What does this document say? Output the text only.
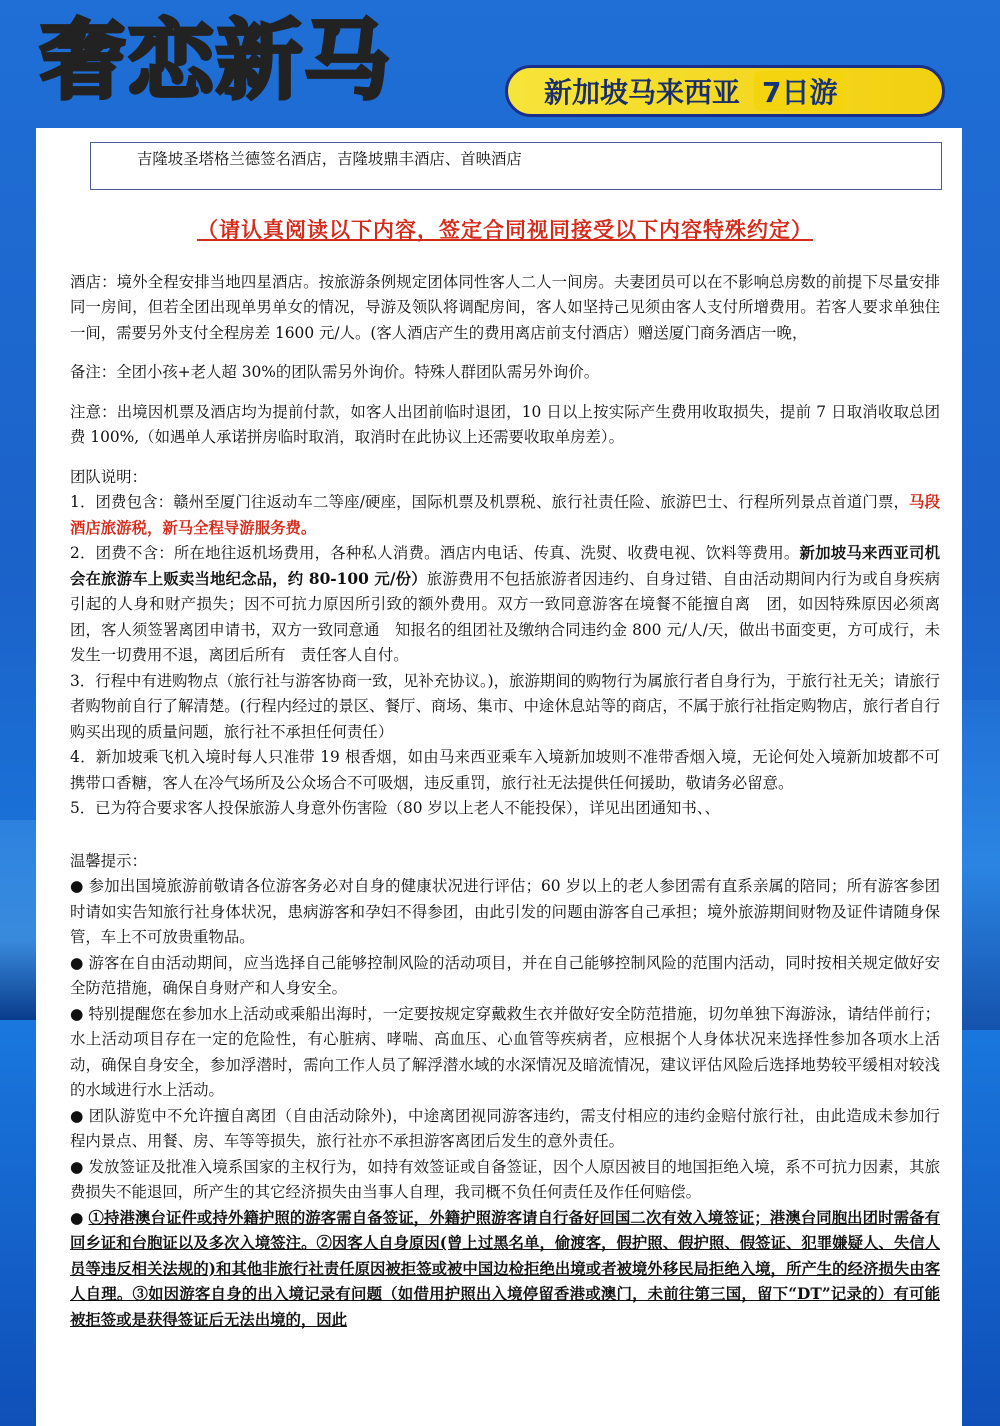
奢恋新马	新加坡马来西亚 7日游
吉隆坡圣塔格兰德签名酒店，吉隆坡鼎丰酒店、首映酒店
（请认真阅读以下内容，签定合同视同接受以下内容特殊约定）

酒店：境外全程安排当地四星酒店。按旅游条例规定团体同性客人二人一间房。夫妻团员可以在不影响总房数的前提下尽量安排同一房间，但若全团出现单男单女的情况，导游及领队将调配房间，客人如坚持己见须由客人支付所增费用。若客人要求单独住一间，需要另外支付全程房差 1600 元/人。(客人酒店产生的费用离店前支付酒店）赠送厦门商务酒店一晚，

备注：全团小孩+老人超 30%的团队需另外询价。特殊人群团队需另外询价。

注意：出境因机票及酒店均为提前付款，如客人出团前临时退团，10 日以上按实际产生费用收取损失，提前 7 日取消收取总团费 100%,（如遇单人承诺拼房临时取消，取消时在此协议上还需要收取单房差）。

团队说明：

1．团费包含：赣州至厦门往返动车二等座/硬座，国际机票及机票税、旅行社责任险、旅游巴士、行程所列景点首道门票，马段酒店旅游税，新马全程导游服务费。

2．团费不含：所在地往返机场费用，各种私人消费。酒店内电话、传真、洗熨、收费电视、饮料等费用。新加坡马来西亚司机会在旅游车上贩卖当地纪念品，约 80-100 元/份）旅游费用不包括旅游者因违约、自身过错、自由活动期间内行为或自身疾病引起的人身和财产损失；因不可抗力原因所引致的额外费用。双方一致同意游客在境餐不能擅自离　团，如因特殊原因必须离团，客人须签署离团申请书，双方一致同意通　知报名的组团社及缴纳合同违约金 800 元/人/天，做出书面变更，方可成行，未发生一切费用不退，离团后所有　责任客人自付。

3．行程中有进购物点（旅行社与游客协商一致，见补充协议。)，旅游期间的购物行为属旅行者自身行为，于旅行社无关；请旅行者购物前自行了解清楚。(行程内经过的景区、餐厅、商场、集市、中途休息站等的商店，不属于旅行社指定购物店，旅行者自行购买出现的质量问题，旅行社不承担任何责任）

4．新加坡乘飞机入境时每人只准带 19 根香烟，如由马来西亚乘车入境新加坡则不准带香烟入境，无论何处入境新加坡都不可携带口香糖，客人在冷气场所及公众场合不可吸烟，违反重罚，旅行社无法提供任何援助，敬请务必留意。

5．已为符合要求客人投保旅游人身意外伤害险（80 岁以上老人不能投保），详见出团通知书、、

温馨提示：

● 参加出国境旅游前敬请各位游客务必对自身的健康状况进行评估；60 岁以上的老人参团需有直系亲属的陪同；所有游客参团时请如实告知旅行社身体状况，患病游客和孕妇不得参团，由此引发的问题由游客自己承担；境外旅游期间财物及证件请随身保管，车上不可放贵重物品。

● 游客在自由活动期间，应当选择自己能够控制风险的活动项目，并在自己能够控制风险的范围内活动，同时按相关规定做好安全防范措施，确保自身财产和人身安全。

● 特别提醒您在参加水上活动或乘船出海时，一定要按规定穿戴救生衣并做好安全防范措施，切勿单独下海游泳，请结伴前行；水上活动项目存在一定的危险性，有心脏病、哮喘、高血压、心血管等疾病者，应根据个人身体状况来选择性参加各项水上活动，确保自身安全，参加浮潜时，需向工作人员了解浮潜水域的水深情况及暗流情况，建议评估风险后选择地势较平缓相对较浅的水域进行水上活动。

● 团队游览中不允许擅自离团（自由活动除外)，中途离团视同游客违约，需支付相应的违约金赔付旅行社，由此造成未参加行程内景点、用餐、房、车等等损失，旅行社亦不承担游客离团后发生的意外责任。

● 发放签证及批准入境系国家的主权行为，如持有效签证或自备签证，因个人原因被目的地国拒绝入境，系不可抗力因素，其旅费损失不能退回，所产生的其它经济损失由当事人自理，我司概不负任何责任及作任何赔偿。

● ①持港澳台证件或持外籍护照的游客需自备签证，外籍护照游客请自行备好回国二次有效入境签证；港澳台同胞出团时需备有回乡证和台胞证以及多次入境签注。②因客人自身原因(曾上过黑名单，偷渡客，假护照、假护照、假签证、犯罪嫌疑人、失信人员等违反相关法规的)和其他非旅行社责任原因被拒签或被中国边检拒绝出境或者被境外移民局拒绝入境，所产生的经济损失由客人自理。③如因游客自身的出入境记录有问题（如借用护照出入境停留香港或澳门，未前往第三国，留下“DT”记录的）有可能被拒签或是获得签证后无法出境的，因此
